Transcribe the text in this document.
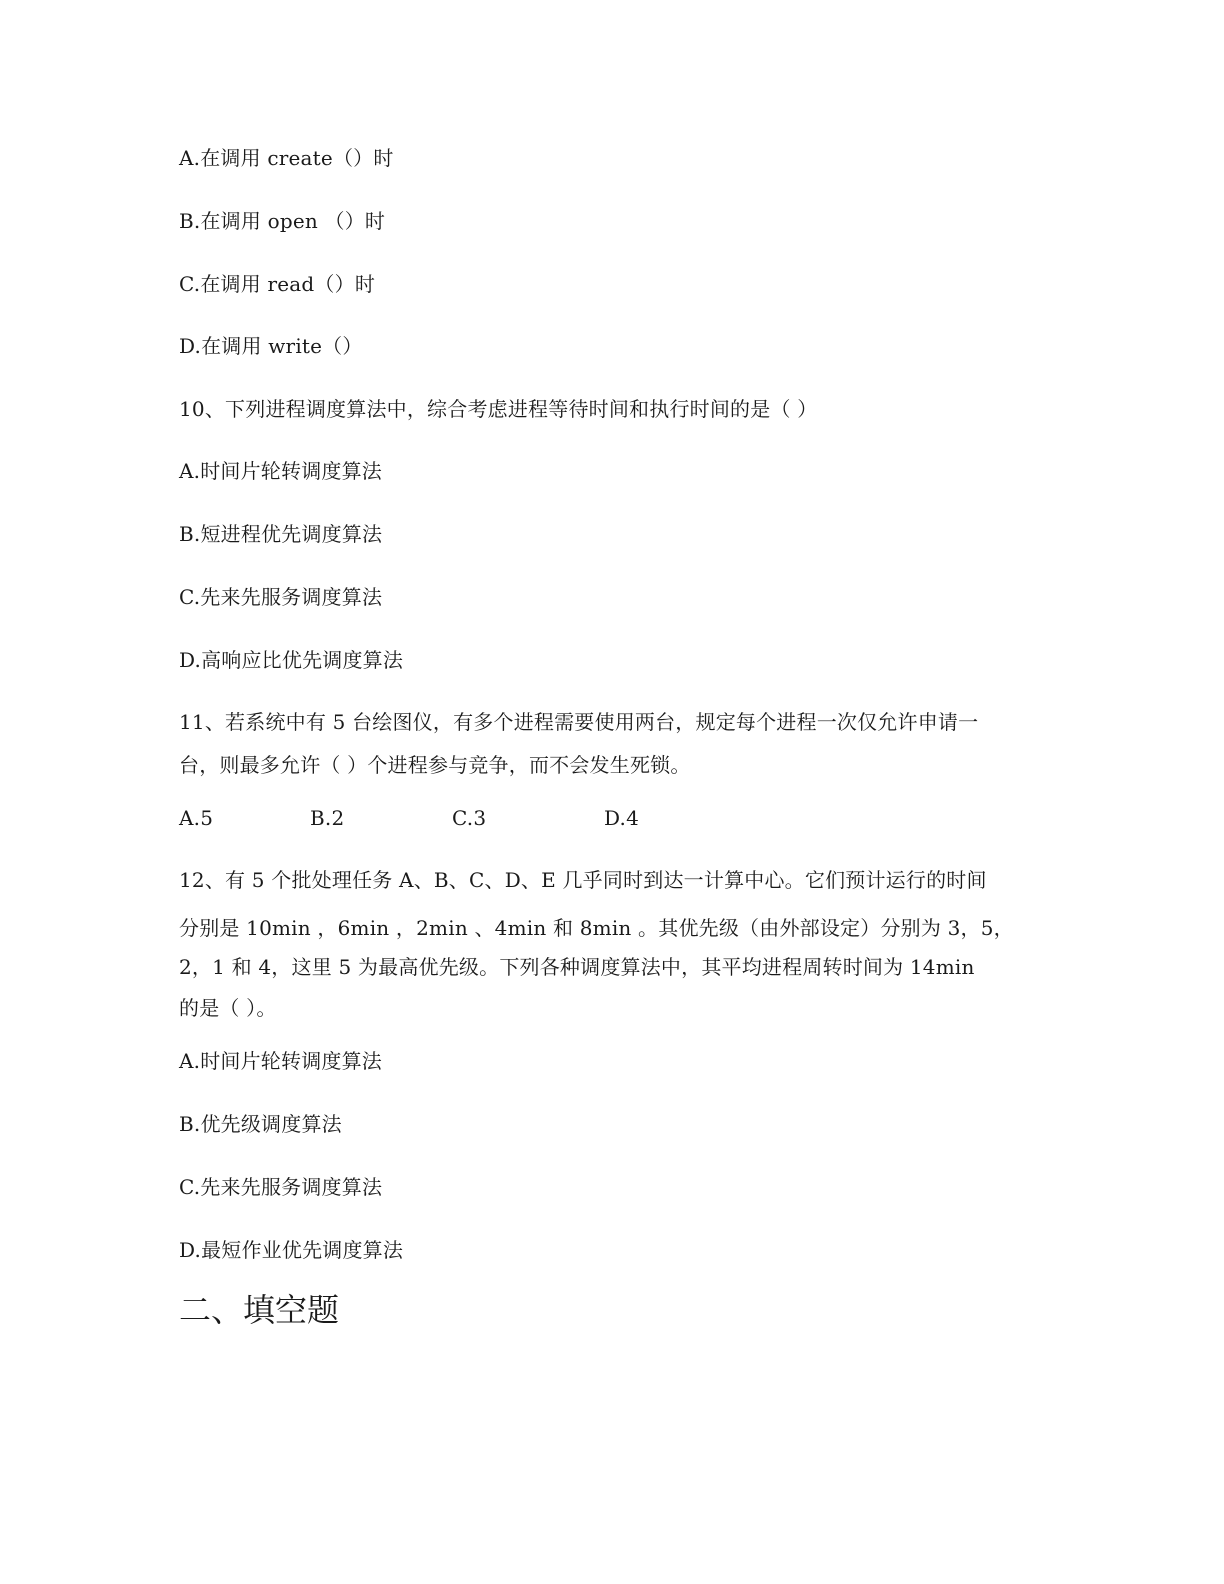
A.在调用 create（）时
B.在调用 open （）时
C.在调用 read（）时
D.在调用 write（）
10、下列进程调度算法中，综合考虑进程等待时间和执行时间的是（ ）
A.时间片轮转调度算法
B.短进程优先调度算法
C.先来先服务调度算法
D.高响应比优先调度算法
11、若系统中有 5 台绘图仪，有多个进程需要使用两台，规定每个进程一次仅允许申请一
台，则最多允许（ ）个进程参与竞争，而不会发生死锁。
A.5	B.2	C.3	D.4
12、有 5 个批处理任务 A、B、C、D、E 几乎同时到达一计算中心。它们预计运行的时间
分别是 10min ，6min ，2min 、4min 和 8min 。其优先级（由外部设定）分别为 3，5，
2，1 和 4，这里 5 为最高优先级。下列各种调度算法中，其平均进程周转时间为 14min
的是（ ）。
A.时间片轮转调度算法
B.优先级调度算法
C.先来先服务调度算法
D.最短作业优先调度算法
二、填空题
